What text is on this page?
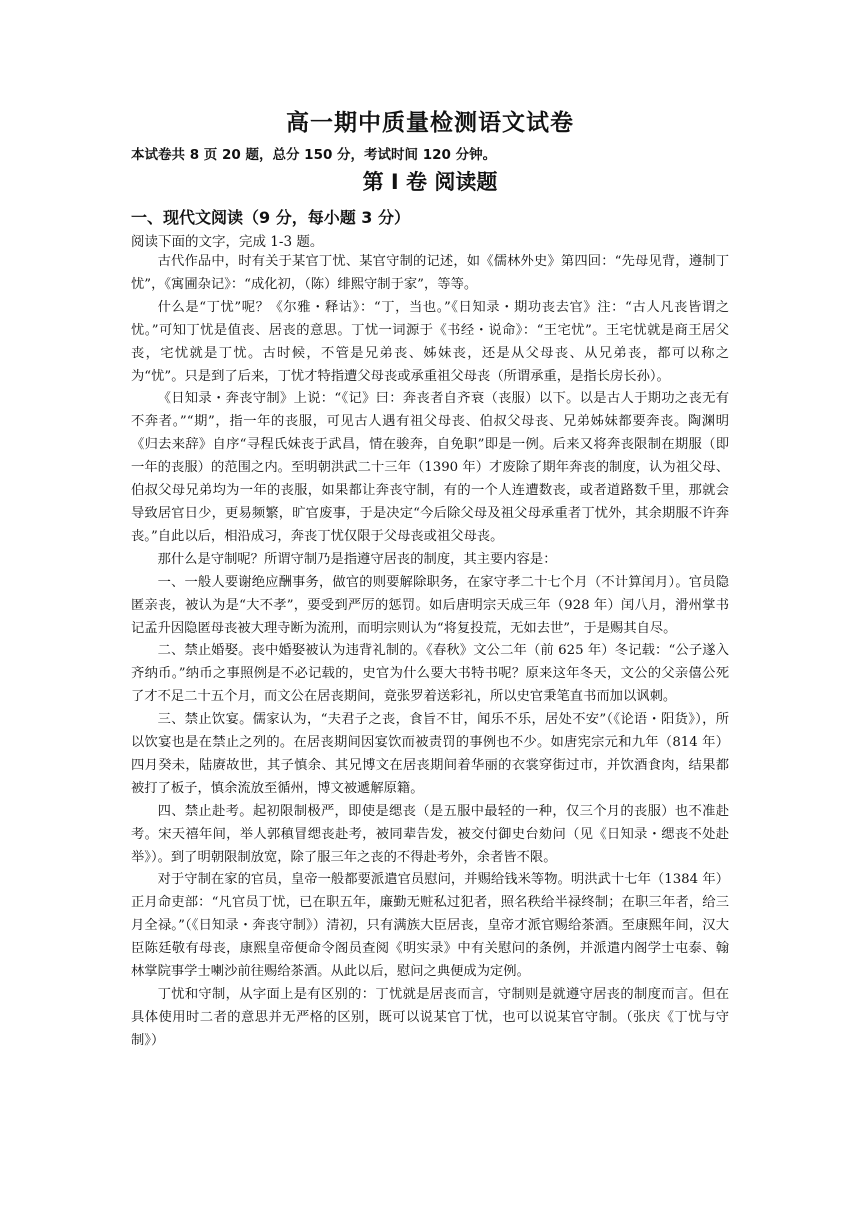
高一期中质量检测语文试卷
本试卷共 8 页 20 题，总分 150 分，考试时间 120 分钟。
第 I 卷 阅读题
一、现代文阅读（9 分，每小题 3 分）
阅读下面的文字，完成 1-3 题。

古代作品中，时有关于某官丁忧、某官守制的记述，如《儒林外史》第四回：“先母见背，遵制丁忧”，《寓圃杂记》：“成化初，（陈）绯熙守制于家”，等等。

什么是“丁忧”呢？《尔雅・释诂》：“丁，当也。”《日知录・期功丧去官》注：“古人凡丧皆谓之忧。”可知丁忧是值丧、居丧的意思。丁忧一词源于《书经・说命》：“王宅忧”。王宅忧就是商王居父丧，宅忧就是丁忧。古时候，不管是兄弟丧、姊妹丧，还是从父母丧、从兄弟丧，都可以称之为“忧”。只是到了后来，丁忧才特指遭父母丧或承重祖父母丧（所谓承重，是指长房长孙）。

《日知录・奔丧守制》上说：“《记》曰：奔丧者自齐衰（丧服）以下。以是古人于期功之丧无有不奔者。”“期”，指一年的丧服，可见古人遇有祖父母丧、伯叔父母丧、兄弟姊妹都要奔丧。陶渊明《归去来辞》自序“寻程氏妹丧于武昌，情在骏奔，自免职”即是一例。后来又将奔丧限制在期服（即一年的丧服）的范围之内。至明朝洪武二十三年（1390 年）才废除了期年奔丧的制度，认为祖父母、伯叔父母兄弟均为一年的丧服，如果都让奔丧守制，有的一个人连遭数丧，或者道路数千里，那就会导致居官日少，更易频繁，旷官废事，于是决定“今后除父母及祖父母承重者丁忧外，其余期服不许奔丧。”自此以后，相沿成习，奔丧丁忧仅限于父母丧或祖父母丧。

那什么是守制呢？所谓守制乃是指遵守居丧的制度，其主要内容是：

一、一般人要谢绝应酬事务，做官的则要解除职务，在家守孝二十七个月（不计算闰月）。官员隐匿亲丧，被认为是“大不孝”，要受到严厉的惩罚。如后唐明宗天成三年（928 年）闰八月，滑州掌书记孟升因隐匿母丧被大理寺断为流刑，而明宗则认为“将复投荒，无如去世”，于是赐其自尽。

二、禁止婚娶。丧中婚娶被认为违背礼制的。《春秋》文公二年（前 625 年）冬记载：“公子遂入齐纳币。”纳币之事照例是不必记载的，史官为什么要大书特书呢？原来这年冬天，文公的父亲僖公死了才不足二十五个月，而文公在居丧期间，竟张罗着送彩礼，所以史官秉笔直书而加以讽刺。

三、禁止饮宴。儒家认为，“夫君子之丧，食旨不甘，闻乐不乐，居处不安”（《论语・阳货》），所以饮宴也是在禁止之列的。在居丧期间因宴饮而被责罚的事例也不少。如唐宪宗元和九年（814 年）四月癸未，陆赓故世，其子慎余、其兄博文在居丧期间着华丽的衣裳穿街过市，并饮酒食肉，结果都被打了板子，慎余流放至循州，博文被遞解原籍。

四、禁止赴考。起初限制极严，即使是缌丧（是五服中最轻的一种，仅三个月的丧服）也不准赴考。宋天禧年间，举人郭稹冒缌丧赴考，被同辈告发，被交付御史台劾问（见《日知录・缌丧不处赴举》）。到了明朝限制放宽，除了服三年之丧的不得赴考外，余者皆不限。

对于守制在家的官员，皇帝一般都要派遣官员慰问，并赐给钱米等物。明洪武十七年（1384 年）正月命吏部：“凡官员丁忧，已在职五年，廉勤无赃私过犯者，照名秩给半禄终制；在职三年者，给三月全禄。”（《日知录・奔丧守制》）清初，只有满族大臣居丧，皇帝才派官赐给茶酒。至康熙年间，汉大臣陈廷敬有母丧，康熙皇帝便命令阁员查阅《明实录》中有关慰问的条例，并派遣内阁学士屯泰、翰林掌院事学士喇沙前往赐给茶酒。从此以后，慰问之典便成为定例。

丁忧和守制，从字面上是有区别的：丁忧就是居丧而言，守制则是就遵守居丧的制度而言。但在具体使用时二者的意思并无严格的区别，既可以说某官丁忧，也可以说某官守制。（张庆《丁忧与守制》）
